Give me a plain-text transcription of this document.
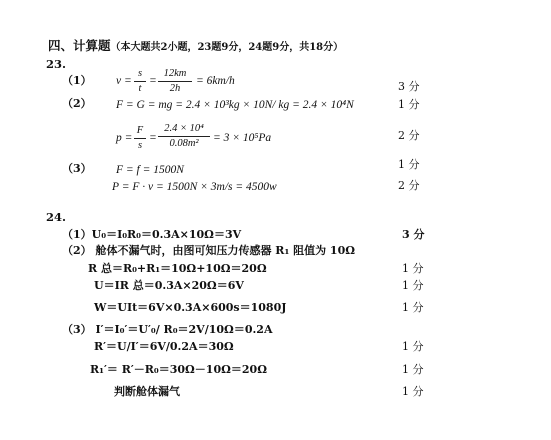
四、计算题（本大题共2小题，23题9分，24题9分，共18分）
23.
（1） $v = \frac{s}{t} = \frac{12km}{2h} = 6km/h$	3 分
（2） F = G = mg = 2.4 × 10³kg × 10N/ kg = 2.4 × 10⁴N	1 分
$p = \frac{F}{s} = \frac{\text{2.4 × 10⁴}}{\text{0.08m²}} = 3 \times 10^5Pa$	2 分
（3） F = f = 1500N	1 分
P = F · v = 1500N × 3m/s = 4500w	2 分
24.
（1）U₀＝I₀R₀＝0.3A×10Ω＝3V	3 分
（2） 舱体不漏气时，由图可知压力传感器 R₁ 阻值为 10Ω
R 总＝R₀+R₁＝10Ω+10Ω＝20Ω	1 分
U＝IR 总＝0.3A×20Ω＝6V	1 分
W＝UIt＝6V×0.3A×600s＝1080J	1 分
（3） I′＝I₀′＝U′₀/ R₀＝2V/10Ω＝0.2A
R′＝U/I′＝6V/0.2A＝30Ω	1 分
R₁′＝ R′－R₀＝30Ω－10Ω＝20Ω	1 分
判断舱体漏气	1 分
